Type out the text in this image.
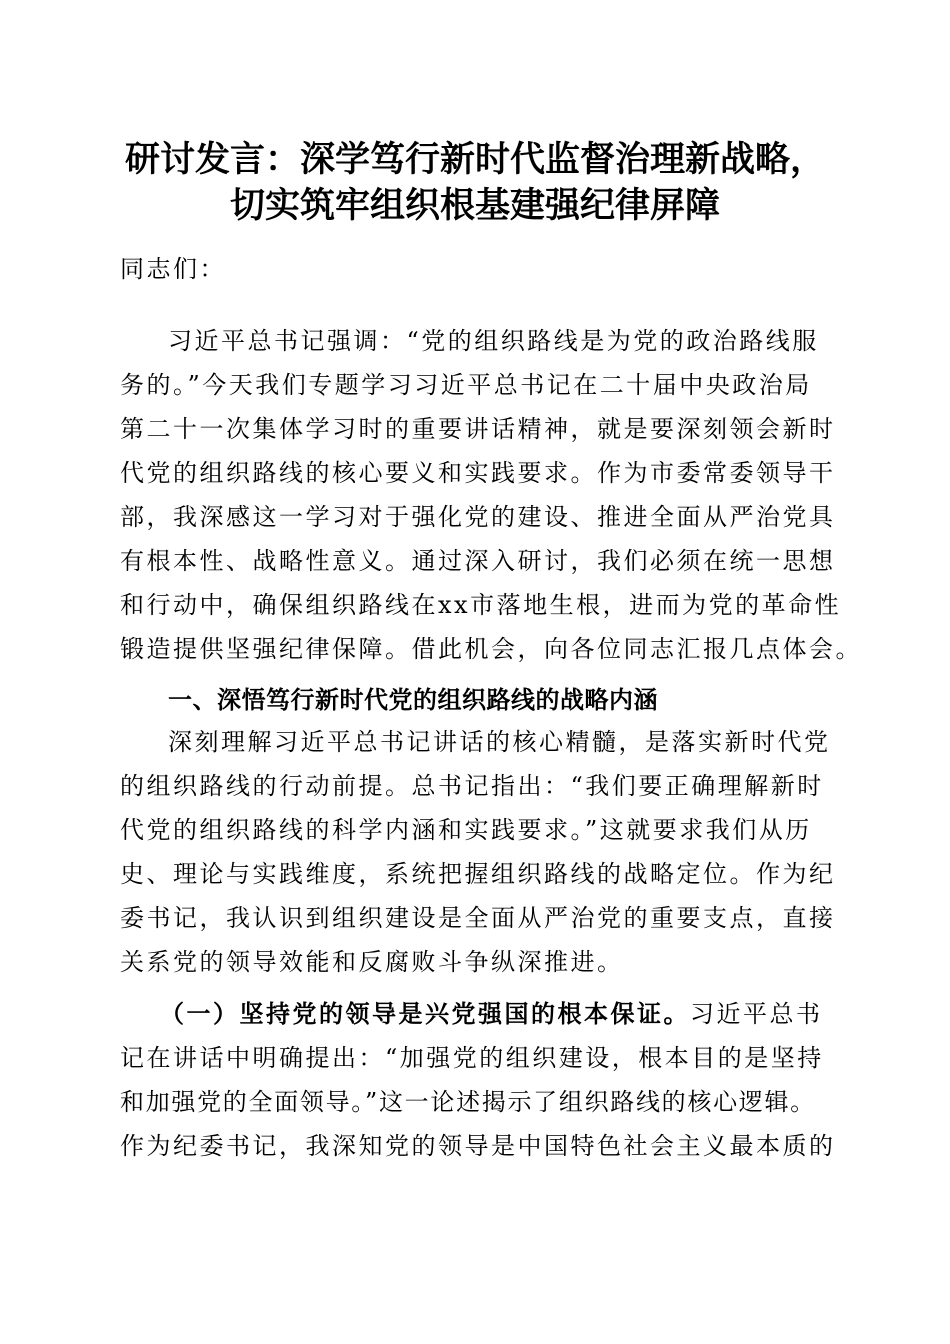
研讨发言：深学笃行新时代监督治理新战略，
切实筑牢组织根基建强纪律屏障
同志们：
习近平总书记强调：“党的组织路线是为党的政治路线服
务的。”今天我们专题学习习近平总书记在二十届中央政治局
第二十一次集体学习时的重要讲话精神，就是要深刻领会新时
代党的组织路线的核心要义和实践要求。作为市委常委领导干
部，我深感这一学习对于强化党的建设、推进全面从严治党具
有根本性、战略性意义。通过深入研讨，我们必须在统一思想
和行动中，确保组织路线在xx市落地生根，进而为党的革命性
锻造提供坚强纪律保障。借此机会，向各位同志汇报几点体会。
一、深悟笃行新时代党的组织路线的战略内涵
深刻理解习近平总书记讲话的核心精髓，是落实新时代党
的组织路线的行动前提。总书记指出：“我们要正确理解新时
代党的组织路线的科学内涵和实践要求。”这就要求我们从历
史、理论与实践维度，系统把握组织路线的战略定位。作为纪
委书记，我认识到组织建设是全面从严治党的重要支点，直接
关系党的领导效能和反腐败斗争纵深推进。
（一）坚持党的领导是兴党强国的根本保证。习近平总书
记在讲话中明确提出：“加强党的组织建设，根本目的是坚持
和加强党的全面领导。”这一论述揭示了组织路线的核心逻辑。
作为纪委书记，我深知党的领导是中国特色社会主义最本质的
